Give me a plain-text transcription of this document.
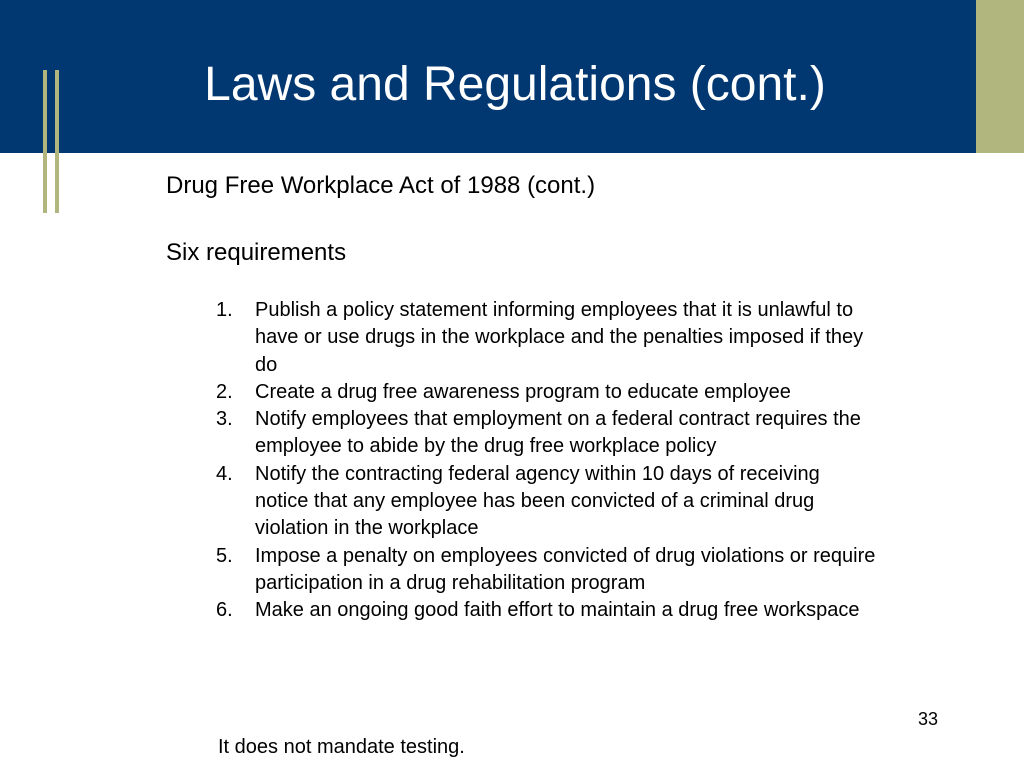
Laws and Regulations (cont.)
Drug Free Workplace Act of 1988 (cont.)
Six requirements
1.	Publish a policy statement informing employees that it is unlawful to have or use drugs in the workplace and the penalties imposed if they do
2.	Create a drug free awareness program to educate employee
3.	Notify employees that employment on a federal contract requires the employee to abide by the drug free workplace policy
4.	Notify the contracting federal agency within 10 days of receiving notice that any employee has been convicted of a criminal drug violation in the workplace
5.	Impose a penalty on employees convicted of drug violations or require participation in a drug rehabilitation program
6.	Make an ongoing good faith effort to maintain a drug free workspace
33
It does not mandate testing.
